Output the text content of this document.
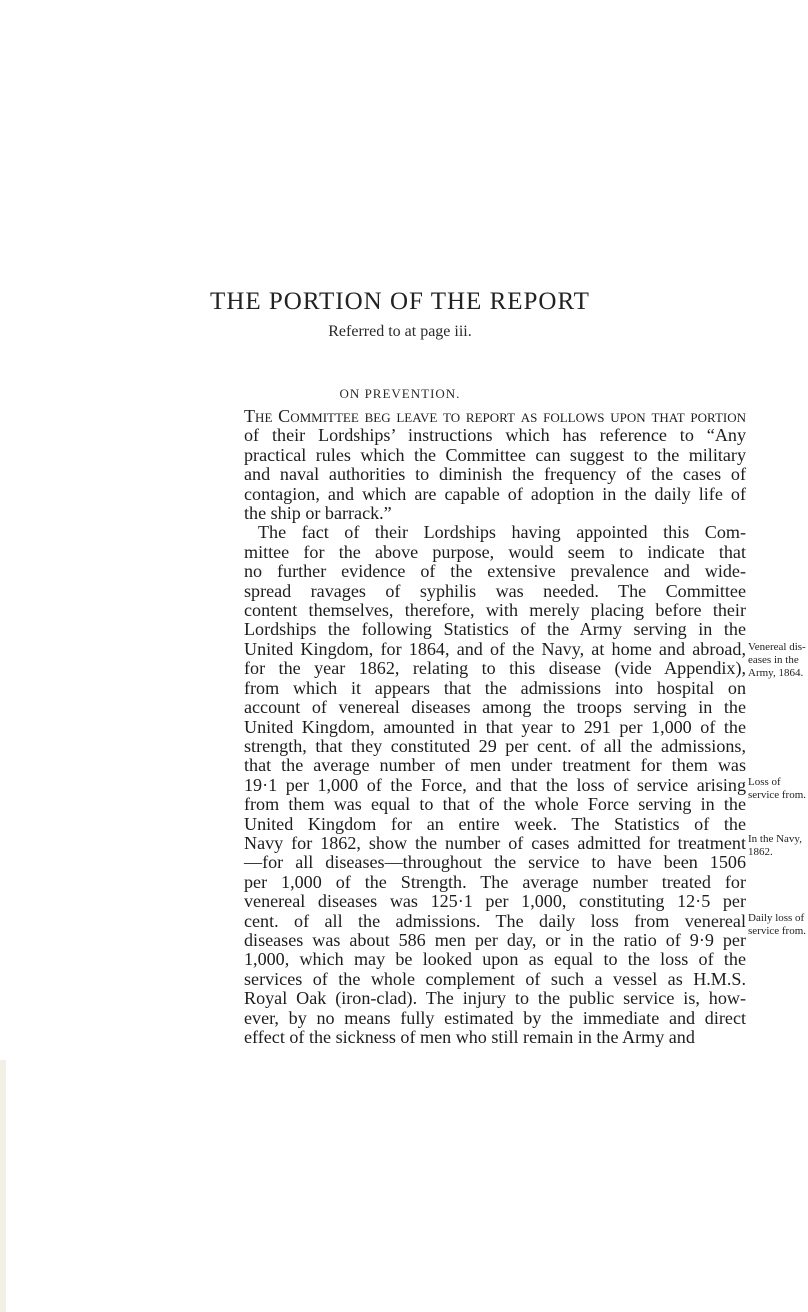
THE PORTION OF THE REPORT
Referred to at page iii.
ON PREVENTION.
The Committee beg leave to report as follows upon that portion
of their Lordships’ instructions which has reference to “Any
practical rules which the Committee can suggest to the military
and naval authorities to diminish the frequency of the cases of
contagion, and which are capable of adoption in the daily life of
the ship or barrack.”
The fact of their Lordships having appointed this Com-
mittee for the above purpose, would seem to indicate that
no further evidence of the extensive prevalence and wide-
spread ravages of syphilis was needed. The Committee
content themselves, therefore, with merely placing before their
Lordships the following Statistics of the Army serving in the
United Kingdom, for 1864, and of the Navy, at home and abroad,
for the year 1862, relating to this disease (vide Appendix),
from which it appears that the admissions into hospital on
account of venereal diseases among the troops serving in the
United Kingdom, amounted in that year to 291 per 1,000 of the
strength, that they constituted 29 per cent. of all the admissions,
that the average number of men under treatment for them was
19·1 per 1,000 of the Force, and that the loss of service arising
from them was equal to that of the whole Force serving in the
United Kingdom for an entire week. The Statistics of the
Navy for 1862, show the number of cases admitted for treatment
—for all diseases—throughout the service to have been 1506
per 1,000 of the Strength. The average number treated for
venereal diseases was 125·1 per 1,000, constituting 12·5 per
cent. of all the admissions. The daily loss from venereal
diseases was about 586 men per day, or in the ratio of 9·9 per
1,000, which may be looked upon as equal to the loss of the
services of the whole complement of such a vessel as H.M.S.
Royal Oak (iron-clad). The injury to the public service is, how-
ever, by no means fully estimated by the immediate and direct
effect of the sickness of men who still remain in the Army and
Venereal dis-
eases in the
Army, 1864.
Loss of
service from.
In the Navy,
1862.
Daily loss of
service from.
